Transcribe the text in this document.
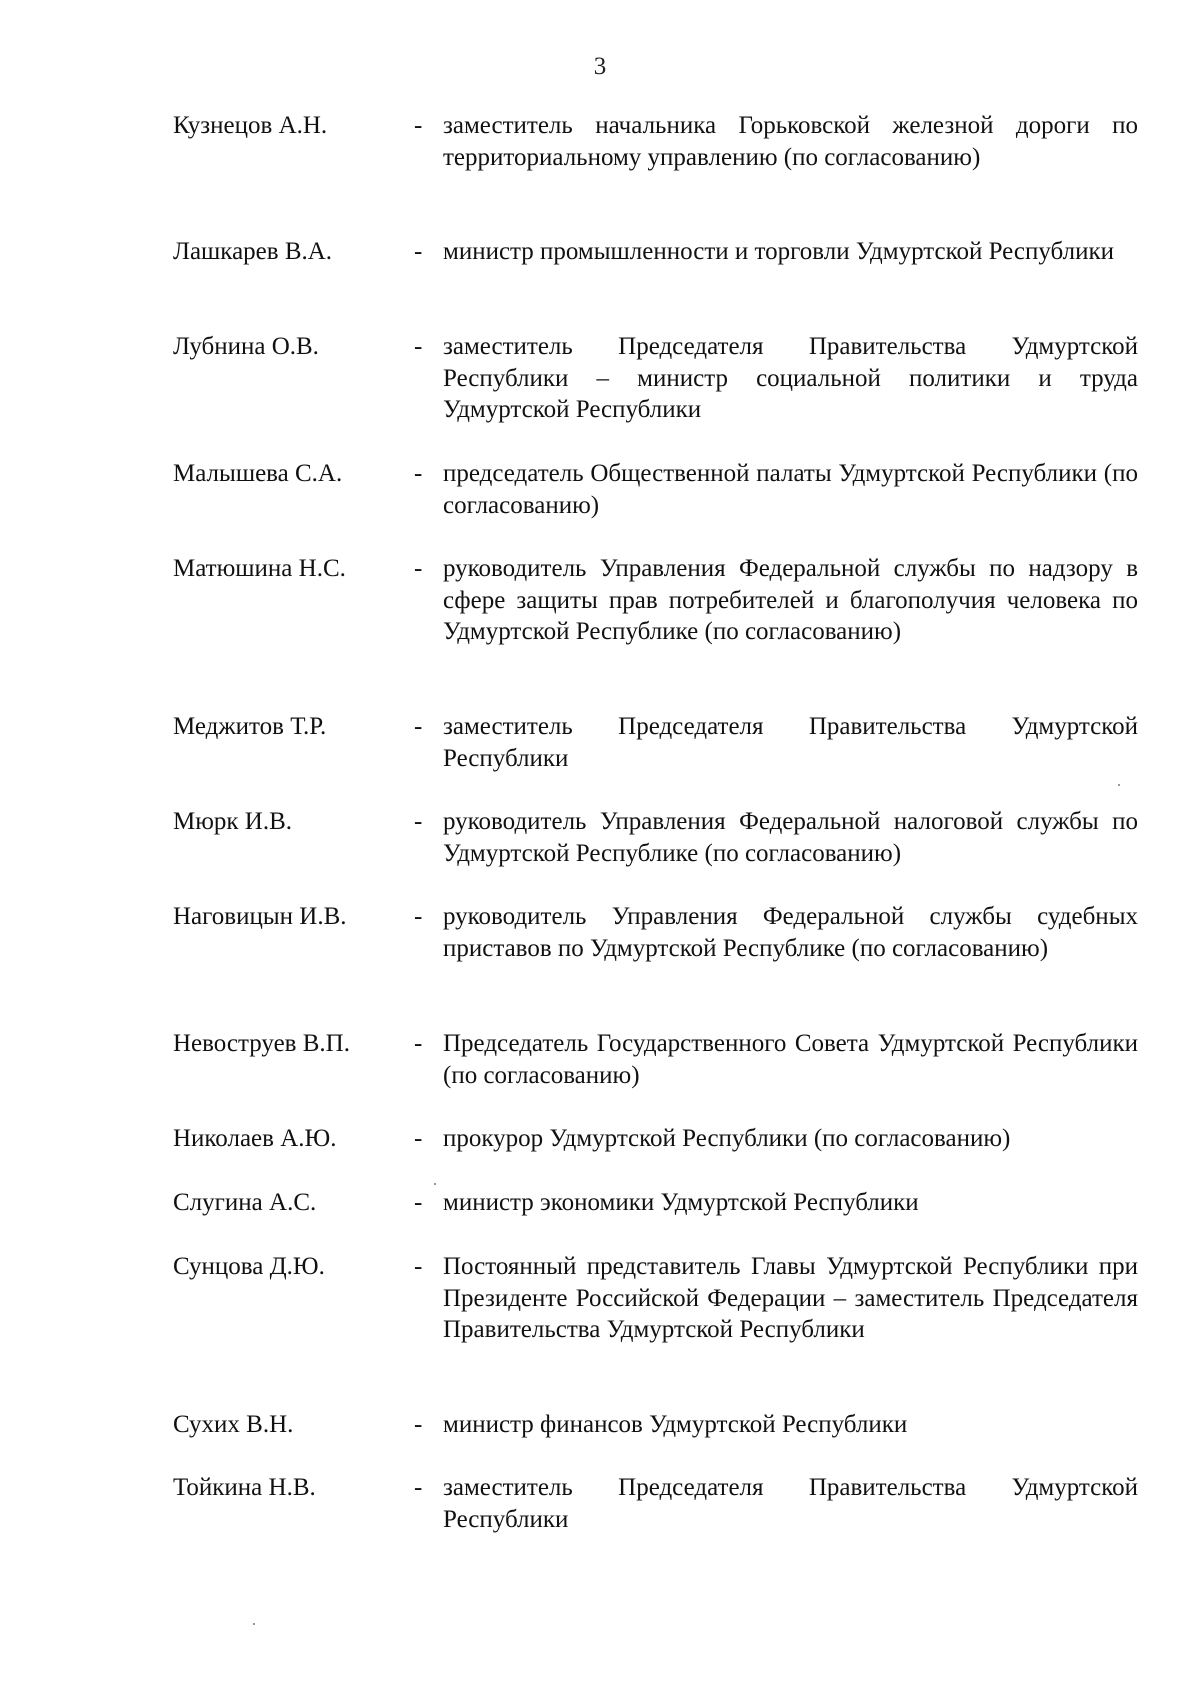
3
Кузнецов А.Н.	- заместитель начальника Горьковской железной дороги по территориальному управлению (по согласованию)
Лашкарев В.А.	- министр промышленности и торговли Удмуртской Республики
Лубнина О.В.	- заместитель Председателя Правительства Удмуртской Республики – министр социальной политики и труда Удмуртской Республики
Малышева С.А.	- председатель Общественной палаты Удмуртской Республики (по согласованию)
Матюшина Н.С.	- руководитель Управления Федеральной службы по надзору в сфере защиты прав потребителей и благополучия человека по Удмуртской Республике (по согласованию)
Меджитов Т.Р.	- заместитель Председателя Правительства Удмуртской Республики
Мюрк И.В.	- руководитель Управления Федеральной налоговой службы по Удмуртской Республике (по согласованию)
Наговицын И.В.	- руководитель Управления Федеральной службы судебных приставов по Удмуртской Республике (по согласованию)
Невоструев В.П.	- Председатель Государственного Совета Удмуртской Республики (по согласованию)
Николаев А.Ю.	- прокурор Удмуртской Республики (по согласованию)
Слугина А.С.	- министр экономики Удмуртской Республики
Сунцова Д.Ю.	- Постоянный представитель Главы Удмуртской Республики при Президенте Российской Федерации – заместитель Председателя Правительства Удмуртской Республики
Сухих В.Н.	- министр финансов Удмуртской Республики
Тойкина Н.В.	- заместитель Председателя Правительства Удмуртской Республики
